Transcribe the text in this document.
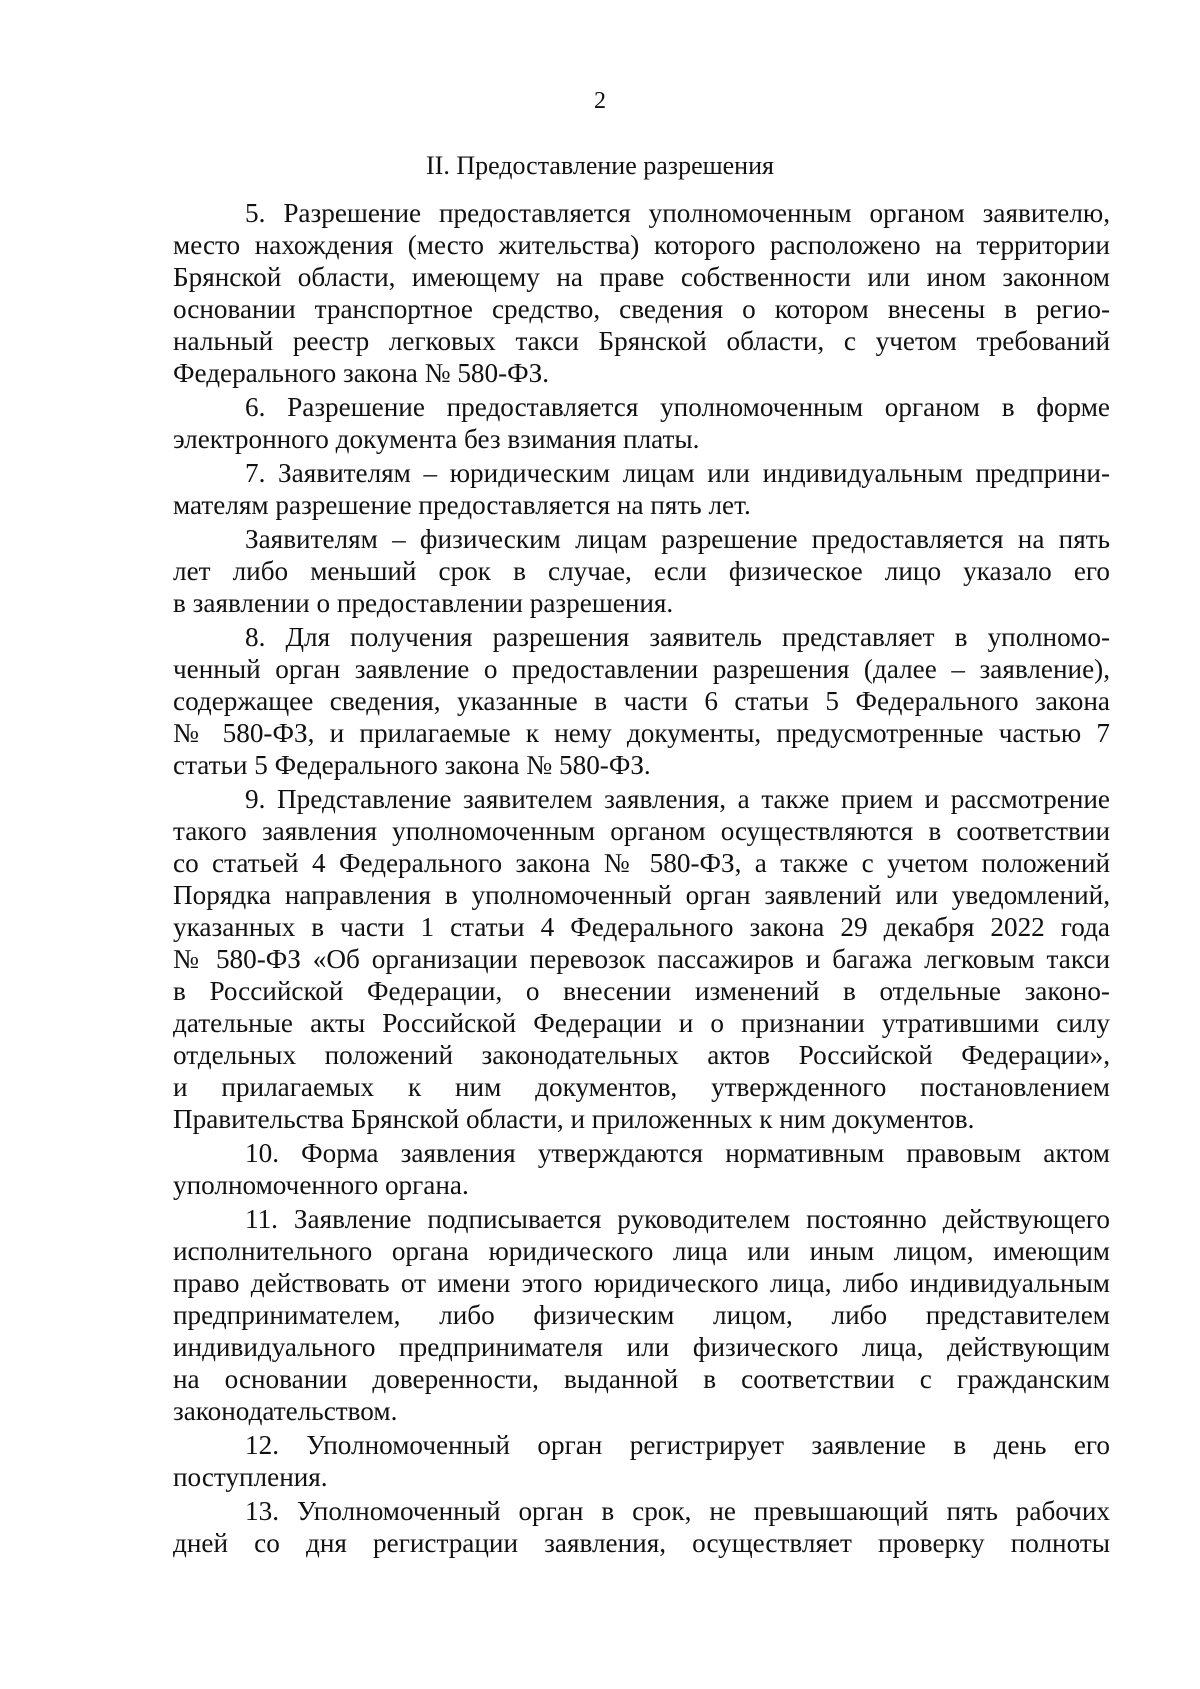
2
II. Предоставление разрешения
5. Разрешение предоставляется уполномоченным органом заявителю,
место нахождения (место жительства) которого расположено на территории
Брянской области, имеющему на праве собственности или ином законном
основании транспортное средство, сведения о котором внесены в регио-
нальный реестр легковых такси Брянской области, с учетом требований
Федерального закона № 580-ФЗ.
6. Разрешение предоставляется уполномоченным органом в форме
электронного документа без взимания платы.
7. Заявителям – юридическим лицам или индивидуальным предприни-
мателям разрешение предоставляется на пять лет.
Заявителям – физическим лицам разрешение предоставляется на пять
лет либо меньший срок в случае, если физическое лицо указало его
в заявлении о предоставлении разрешения.
8. Для получения разрешения заявитель представляет в уполномо-
ченный орган заявление о предоставлении разрешения (далее – заявление),
содержащее сведения, указанные в части 6 статьи 5 Федерального закона
№ 580-ФЗ, и прилагаемые к нему документы, предусмотренные частью 7
статьи 5 Федерального закона № 580-ФЗ.
9. Представление заявителем заявления, а также прием и рассмотрение
такого заявления уполномоченным органом осуществляются в соответствии
со статьей 4 Федерального закона № 580-ФЗ, а также с учетом положений
Порядка направления в уполномоченный орган заявлений или уведомлений,
указанных в части 1 статьи 4 Федерального закона 29 декабря 2022 года
№ 580-ФЗ «Об организации перевозок пассажиров и багажа легковым такси
в Российской Федерации, о внесении изменений в отдельные законо-
дательные акты Российской Федерации и о признании утратившими силу
отдельных положений законодательных актов Российской Федерации»,
и прилагаемых к ним документов, утвержденного постановлением
Правительства Брянской области, и приложенных к ним документов.
10. Форма заявления утверждаются нормативным правовым актом
уполномоченного органа.
11. Заявление подписывается руководителем постоянно действующего
исполнительного органа юридического лица или иным лицом, имеющим
право действовать от имени этого юридического лица, либо индивидуальным
предпринимателем, либо физическим лицом, либо представителем
индивидуального предпринимателя или физического лица, действующим
на основании доверенности, выданной в соответствии с гражданским
законодательством.
12. Уполномоченный орган регистрирует заявление в день его
поступления.
13. Уполномоченный орган в срок, не превышающий пять рабочих
дней со дня регистрации заявления, осуществляет проверку полноты
